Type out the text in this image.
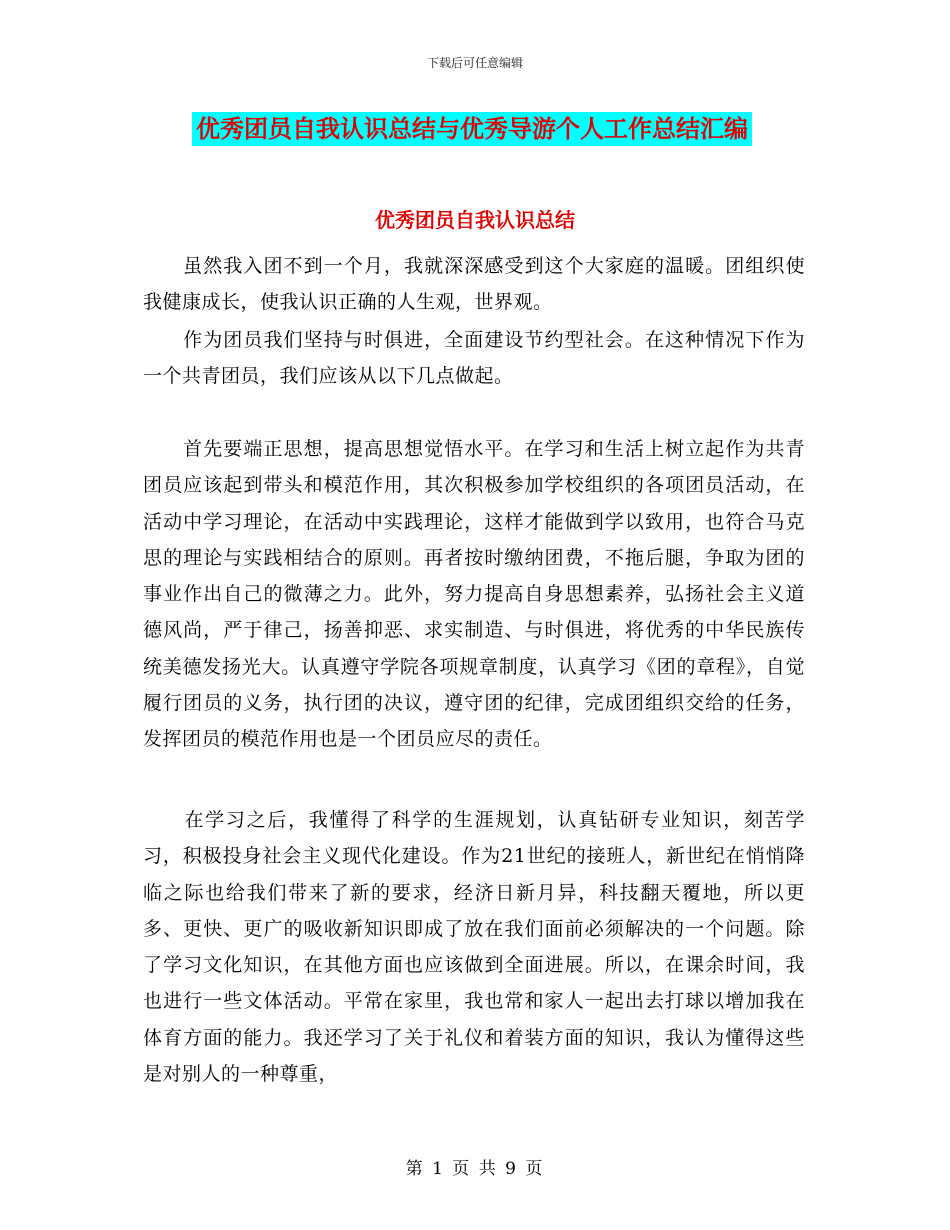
下载后可任意编辑
优秀团员自我认识总结与优秀导游个人工作总结汇编
优秀团员自我认识总结
　　虽然我入团不到一个月，我就深深感受到这个大家庭的温暖。团组织使我健康成长，使我认识正确的人生观，世界观。
　　作为团员我们坚持与时俱进，全面建设节约型社会。在这种情况下作为一个共青团员，我们应该从以下几点做起。
　　首先要端正思想，提高思想觉悟水平。在学习和生活上树立起作为共青团员应该起到带头和模范作用，其次积极参加学校组织的各项团员活动，在活动中学习理论，在活动中实践理论，这样才能做到学以致用，也符合马克思的理论与实践相结合的原则。再者按时缴纳团费，不拖后腿，争取为团的事业作出自己的微薄之力。此外，努力提高自身思想素养，弘扬社会主义道德风尚，严于律己，扬善抑恶、求实制造、与时俱进，将优秀的中华民族传统美德发扬光大。认真遵守学院各项规章制度，认真学习《团的章程》，自觉履行团员的义务，执行团的决议，遵守团的纪律，完成团组织交给的任务，发挥团员的模范作用也是一个团员应尽的责任。
　　在学习之后，我懂得了科学的生涯规划，认真钻研专业知识，刻苦学习，积极投身社会主义现代化建设。作为21世纪的接班人，新世纪在悄悄降临之际也给我们带来了新的要求，经济日新月异，科技翻天覆地，所以更多、更快、更广的吸收新知识即成了放在我们面前必须解决的一个问题。除了学习文化知识，在其他方面也应该做到全面进展。所以，在课余时间，我也进行一些文体活动。平常在家里，我也常和家人一起出去打球以增加我在体育方面的能力。我还学习了关于礼仪和着装方面的知识，我认为懂得这些是对别人的一种尊重，
第 1 页 共 9 页
